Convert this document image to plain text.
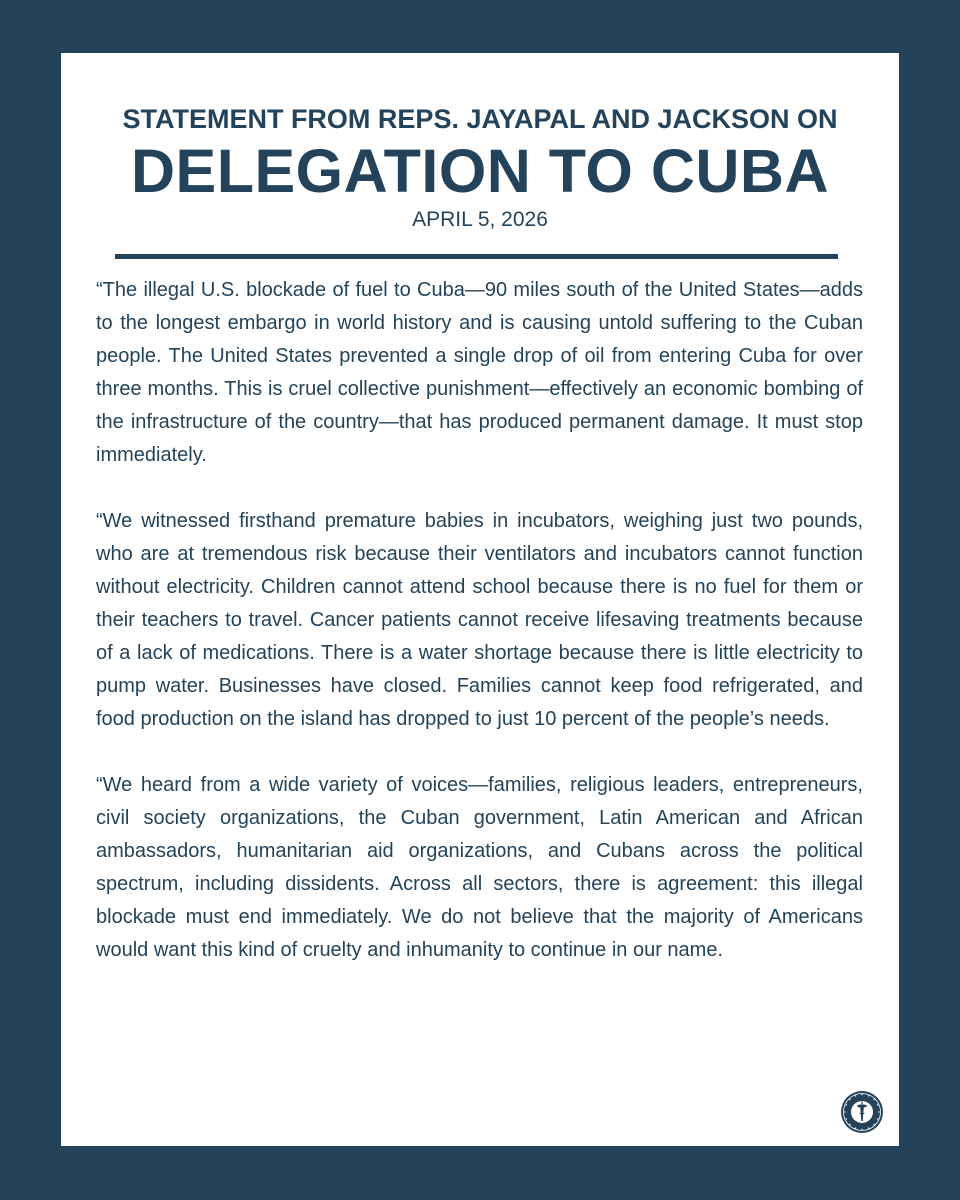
STATEMENT FROM REPS. JAYAPAL AND JACKSON ON
DELEGATION TO CUBA
APRIL 5, 2026

“The illegal U.S. blockade of fuel to Cuba—90 miles south of the United States—adds to the longest embargo in world history and is causing untold suffering to the Cuban people. The United States prevented a single drop of oil from entering Cuba for over three months. This is cruel collective punishment—effectively an economic bombing of the infrastructure of the country—that has produced permanent damage. It must stop immediately.

“We witnessed firsthand premature babies in incubators, weighing just two pounds, who are at tremendous risk because their ventilators and incubators cannot function without electricity. Children cannot attend school because there is no fuel for them or their teachers to travel. Cancer patients cannot receive lifesaving treatments because of a lack of medications. There is a water shortage because there is little electricity to pump water. Businesses have closed. Families cannot keep food refrigerated, and food production on the island has dropped to just 10 percent of the people’s needs.

“We heard from a wide variety of voices—families, religious leaders, entrepreneurs, civil society organizations, the Cuban government, Latin American and African ambassadors, humanitarian aid organizations, and Cubans across the political spectrum, including dissidents. Across all sectors, there is agreement: this illegal blockade must end immediately. We do not believe that the majority of Americans would want this kind of cruelty and inhumanity to continue in our name.
